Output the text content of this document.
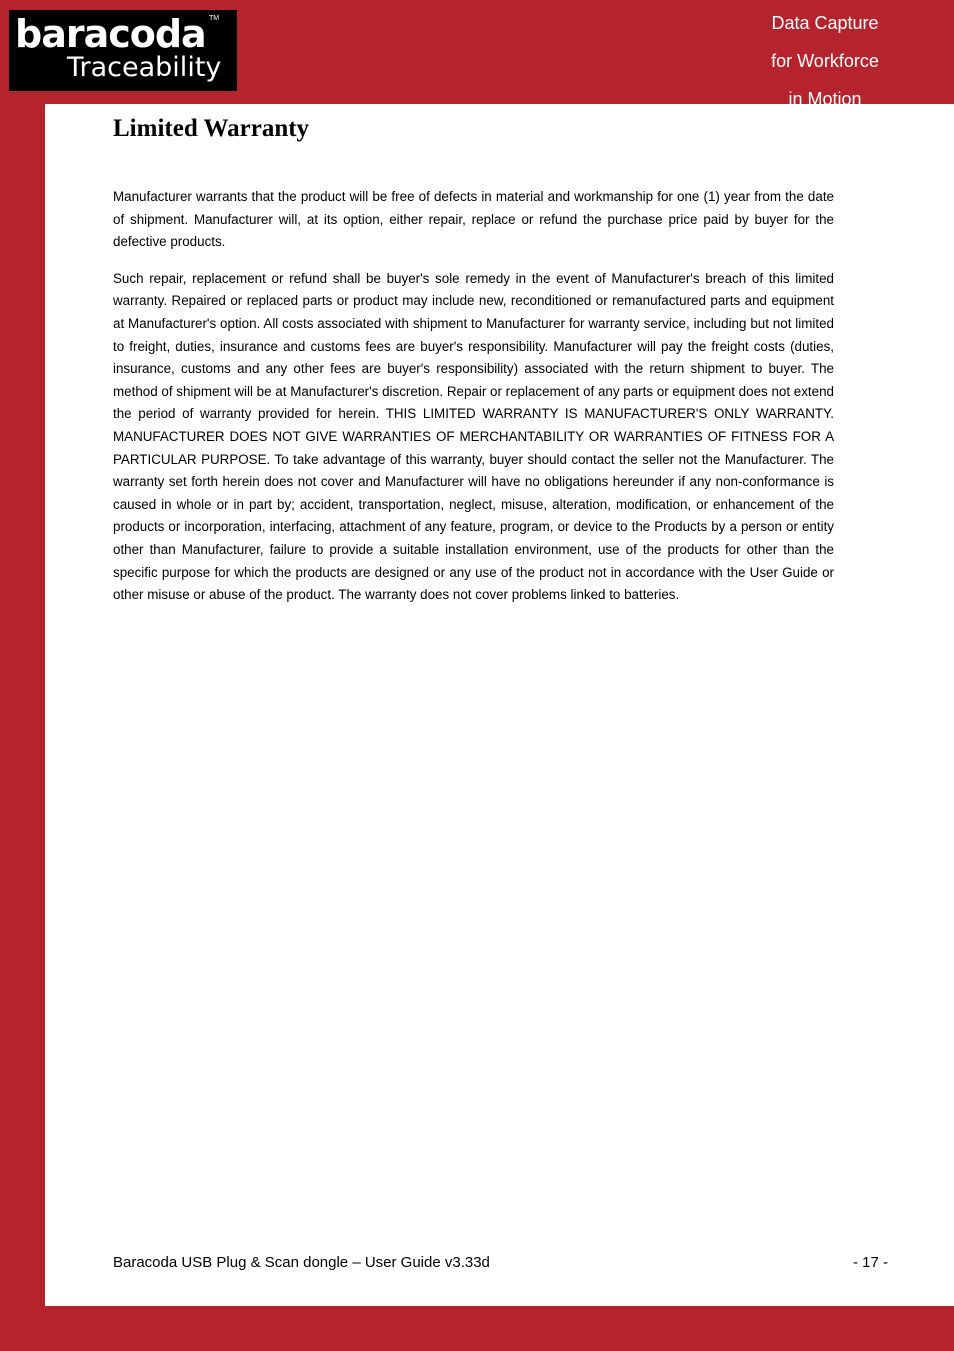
baracoda TM
Traceability
Data Capture
for Workforce
in Motion
Limited Warranty

Manufacturer warrants that the product will be free of defects in material and workmanship for one (1) year from the date of shipment. Manufacturer will, at its option, either repair, replace or refund the purchase price paid by buyer for the defective products.

Such repair, replacement or refund shall be buyer's sole remedy in the event of Manufacturer's breach of this limited warranty. Repaired or replaced parts or product may include new, reconditioned or remanufactured parts and equipment at Manufacturer's option. All costs associated with shipment to Manufacturer for warranty service, including but not limited to freight, duties, insurance and customs fees are buyer's responsibility. Manufacturer will pay the freight costs (duties, insurance, customs and any other fees are buyer's responsibility) associated with the return shipment to buyer. The method of shipment will be at Manufacturer's discretion. Repair or replacement of any parts or equipment does not extend the period of warranty provided for herein. THIS LIMITED WARRANTY IS MANUFACTURER'S ONLY WARRANTY. MANUFACTURER DOES NOT GIVE WARRANTIES OF MERCHANTABILITY OR WARRANTIES OF FITNESS FOR A PARTICULAR PURPOSE. To take advantage of this warranty, buyer should contact the seller not the Manufacturer. The warranty set forth herein does not cover and Manufacturer will have no obligations hereunder if any non-conformance is caused in whole or in part by; accident, transportation, neglect, misuse, alteration, modification, or enhancement of the products or incorporation, interfacing, attachment of any feature, program, or device to the Products by a person or entity other than Manufacturer, failure to provide a suitable installation environment, use of the products for other than the specific purpose for which the products are designed or any use of the product not in accordance with the User Guide or other misuse or abuse of the product. The warranty does not cover problems linked to batteries.

Baracoda USB Plug & Scan dongle – User Guide v3.33d	- 17 -
